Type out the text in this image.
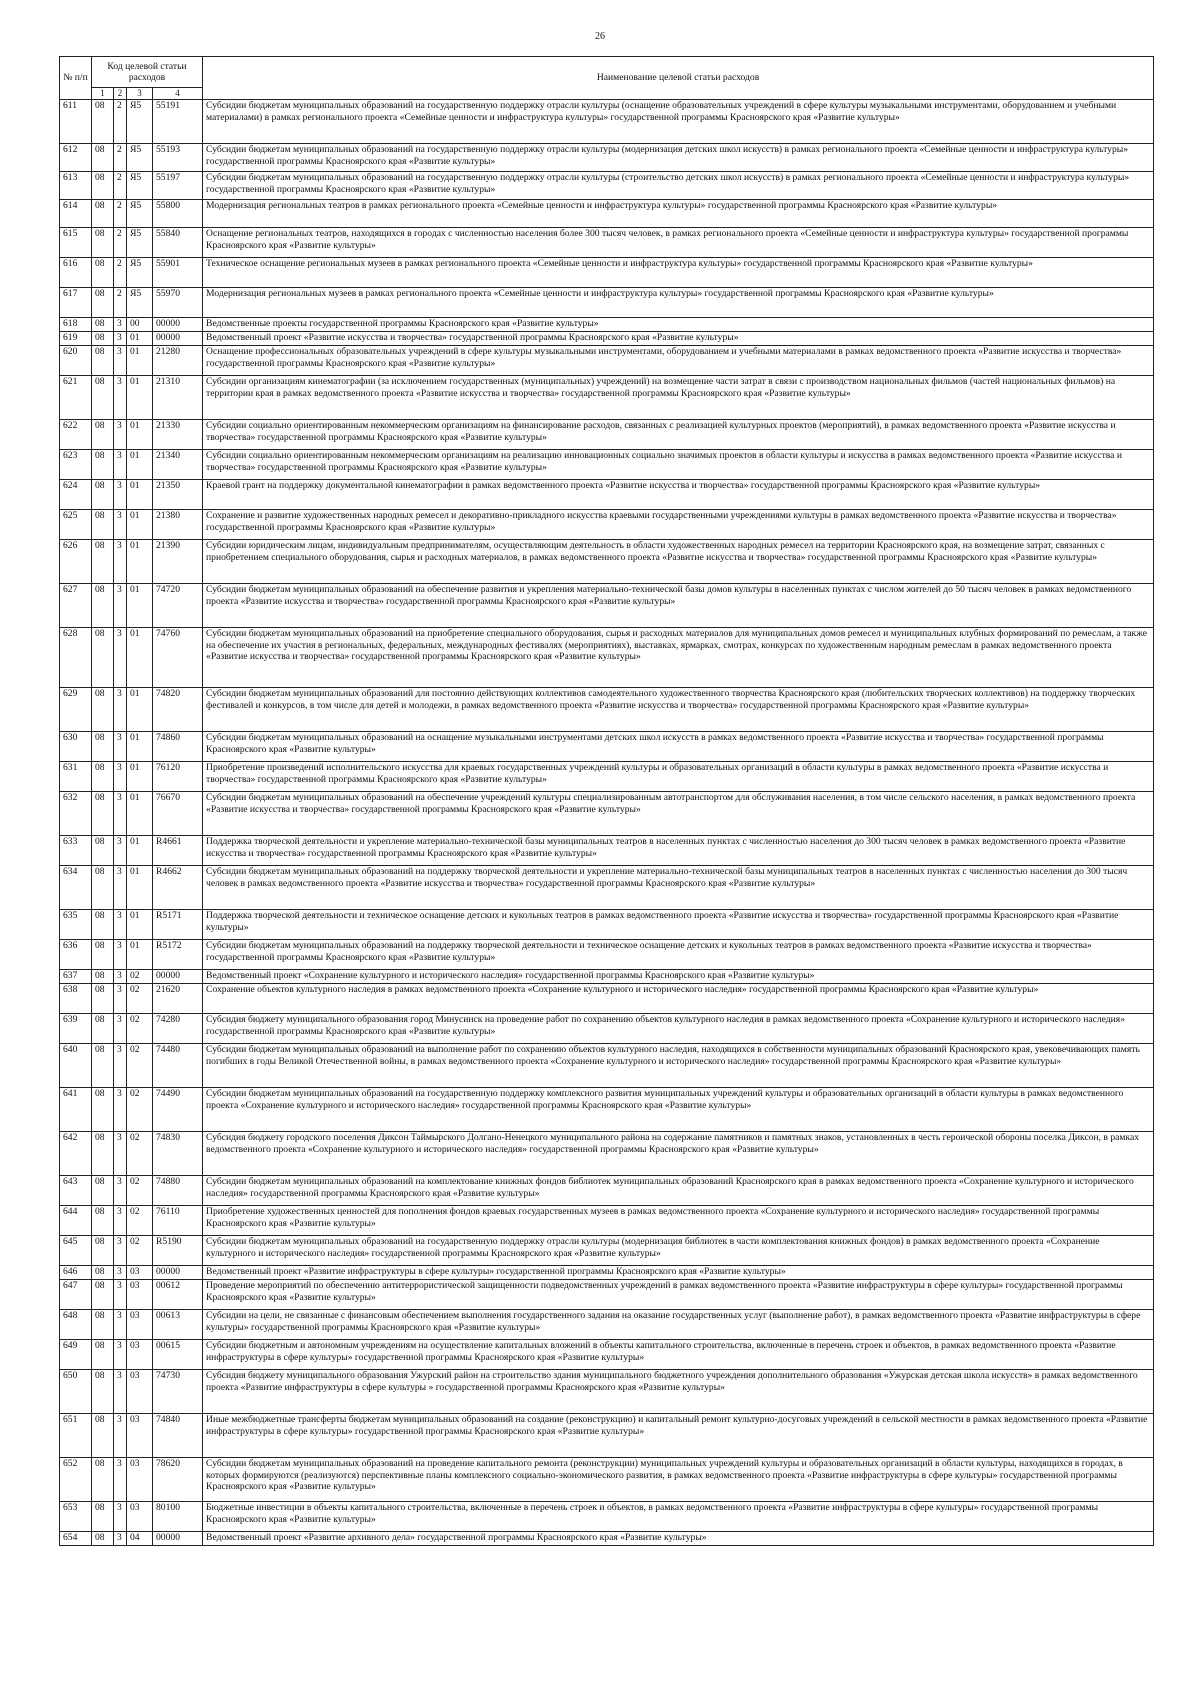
26
№ п/п	Код целевой статьи расходов				Наименование целевой статьи расходов
	1	2	3	4	
611	08	2	Я5	55191	Субсидии бюджетам муниципальных образований на государственную поддержку отрасли культуры (оснащение образовательных учреждений в сфере культуры музыкальными инструментами, оборудованием и учебными материалами) в рамках регионального проекта «Семейные ценности и инфраструктура культуры» государственной программы Красноярского края «Развитие культуры»
612	08	2	Я5	55193	Субсидии бюджетам муниципальных образований на государственную поддержку отрасли культуры (модернизация детских школ искусств) в рамках регионального проекта «Семейные ценности и инфраструктура культуры» государственной программы Красноярского края «Развитие культуры»
613	08	2	Я5	55197	Субсидии бюджетам муниципальных образований на государственную поддержку отрасли культуры (строительство детских школ искусств) в рамках регионального проекта «Семейные ценности и инфраструктура культуры» государственной программы Красноярского края «Развитие культуры»
614	08	2	Я5	55800	Модернизация региональных театров в рамках регионального проекта «Семейные ценности и инфраструктура культуры» государственной программы Красноярского края «Развитие культуры»
615	08	2	Я5	55840	Оснащение региональных театров, находящихся в городах с численностью населения более 300 тысяч человек, в рамках регионального проекта «Семейные ценности и инфраструктура культуры» государственной программы Красноярского края «Развитие культуры»
616	08	2	Я5	55901	Техническое оснащение региональных музеев в рамках регионального проекта «Семейные ценности и инфраструктура культуры» государственной программы Красноярского края «Развитие культуры»
617	08	2	Я5	55970	Модернизация региональных музеев в рамках регионального проекта «Семейные ценности и инфраструктура культуры» государственной программы Красноярского края «Развитие культуры»
618	08	3	00	00000	Ведомственные проекты государственной программы Красноярского края «Развитие культуры»
619	08	3	01	00000	Ведомственный проект «Развитие искусства и творчества» государственной программы Красноярского края «Развитие культуры»
620	08	3	01	21280	Оснащение профессиональных образовательных учреждений в сфере культуры музыкальными инструментами, оборудованием и учебными материалами в рамках ведомственного проекта «Развитие искусства и творчества» государственной программы Красноярского края «Развитие культуры»
621	08	3	01	21310	Субсидии организациям кинематографии (за исключением государственных (муниципальных) учреждений) на возмещение части затрат в связи с производством национальных фильмов (частей национальных фильмов) на территории края в рамках ведомственного проекта «Развитие искусства и творчества» государственной программы Красноярского края «Развитие культуры»
622	08	3	01	21330	Субсидии социально ориентированным некоммерческим организациям на финансирование расходов, связанных с реализацией культурных проектов (мероприятий), в рамках ведомственного проекта «Развитие искусства и творчества» государственной программы Красноярского края «Развитие культуры»
623	08	3	01	21340	Субсидии социально ориентированным некоммерческим организациям на реализацию инновационных социально значимых проектов в области культуры и искусства в рамках ведомственного проекта «Развитие искусства и творчества» государственной программы Красноярского края «Развитие культуры»
624	08	3	01	21350	Краевой грант на поддержку документальной кинематографии в рамках ведомственного проекта «Развитие искусства и творчества» государственной программы Красноярского края «Развитие культуры»
625	08	3	01	21380	Сохранение и развитие художественных народных ремесел и декоративно-прикладного искусства краевыми государственными учреждениями культуры в рамках ведомственного проекта «Развитие искусства и творчества» государственной программы Красноярского края «Развитие культуры»
626	08	3	01	21390	Субсидии юридическим лицам, индивидуальным предпринимателям, осуществляющим деятельность в области художественных народных ремесел на территории Красноярского края, на возмещение затрат, связанных с приобретением специального оборудования, сырья и расходных материалов, в рамках ведомственного проекта «Развитие искусства и творчества» государственной программы Красноярского края «Развитие культуры»
627	08	3	01	74720	Субсидии бюджетам муниципальных образований на обеспечение развития и укрепления материально-технической базы домов культуры в населенных пунктах с числом жителей до 50 тысяч человек в рамках ведомственного проекта «Развитие искусства и творчества» государственной программы Красноярского края «Развитие культуры»
628	08	3	01	74760	Субсидии бюджетам муниципальных образований на приобретение специального оборудования, сырья и расходных материалов для муниципальных домов ремесел и муниципальных клубных формирований по ремеслам, а также на обеспечение их участия в региональных, федеральных, международных фестивалях (мероприятиях), выставках, ярмарках, смотрах, конкурсах по художественным народным ремеслам в рамках ведомственного проекта «Развитие искусства и творчества» государственной программы Красноярского края «Развитие культуры»
629	08	3	01	74820	Субсидии бюджетам муниципальных образований для постоянно действующих коллективов самодеятельного художественного творчества Красноярского края (любительских творческих коллективов) на поддержку творческих фестивалей и конкурсов, в том числе для детей и молодежи, в рамках ведомственного проекта «Развитие искусства и творчества» государственной программы Красноярского края «Развитие культуры»
630	08	3	01	74860	Субсидии бюджетам муниципальных образований на оснащение музыкальными инструментами детских школ искусств в рамках ведомственного проекта «Развитие искусства и творчества» государственной программы Красноярского края «Развитие культуры»
631	08	3	01	76120	Приобретение произведений исполнительского искусства для краевых государственных учреждений культуры и образовательных организаций в области культуры в рамках ведомственного проекта «Развитие искусства и творчества» государственной программы Красноярского края «Развитие культуры»
632	08	3	01	76670	Субсидии бюджетам муниципальных образований на обеспечение учреждений культуры специализированным автотранспортом для обслуживания населения, в том числе сельского населения, в рамках ведомственного проекта «Развитие искусства и творчества» государственной программы Красноярского края «Развитие культуры»
633	08	3	01	R4661	Поддержка творческой деятельности и укрепление материально-технической базы муниципальных театров в населенных пунктах с численностью населения до 300 тысяч человек в рамках ведомственного проекта «Развитие искусства и творчества» государственной программы Красноярского края «Развитие культуры»
634	08	3	01	R4662	Субсидии бюджетам муниципальных образований на поддержку творческой деятельности и укрепление материально-технической базы муниципальных театров в населенных пунктах с численностью населения до 300 тысяч человек в рамках ведомственного проекта «Развитие искусства и творчества» государственной программы Красноярского края «Развитие культуры»
635	08	3	01	R5171	Поддержка творческой деятельности и техническое оснащение детских и кукольных театров в рамках ведомственного проекта «Развитие искусства и творчества» государственной программы Красноярского края «Развитие культуры»
636	08	3	01	R5172	Субсидии бюджетам муниципальных образований на поддержку творческой деятельности и техническое оснащение детских и кукольных театров в рамках ведомственного проекта «Развитие искусства и творчества» государственной программы Красноярского края «Развитие культуры»
637	08	3	02	00000	Ведомственный проект «Сохранение культурного и исторического наследия» государственной программы Красноярского края «Развитие культуры»
638	08	3	02	21620	Сохранение объектов культурного наследия в рамках ведомственного проекта «Сохранение культурного и исторического наследия» государственной программы Красноярского края «Развитие культуры»
639	08	3	02	74280	Субсидия бюджету муниципального образования город Минусинск на проведение работ по сохранению объектов культурного наследия в рамках ведомственного проекта «Сохранение культурного и исторического наследия» государственной программы Красноярского края «Развитие культуры»
640	08	3	02	74480	Субсидии бюджетам муниципальных образований на выполнение работ по сохранению объектов культурного наследия, находящихся в собственности муниципальных образований Красноярского края, увековечивающих память погибших в годы Великой Отечественной войны, в рамках ведомственного проекта «Сохранение культурного и исторического наследия» государственной программы Красноярского края «Развитие культуры»
641	08	3	02	74490	Субсидии бюджетам муниципальных образований на государственную поддержку комплексного развития муниципальных учреждений культуры и образовательных организаций в области культуры в рамках ведомственного проекта «Сохранение культурного и исторического наследия» государственной программы Красноярского края «Развитие культуры»
642	08	3	02	74830	Субсидия бюджету городского поселения Диксон Таймырского Долгано-Ненецкого муниципального района на содержание памятников и памятных знаков, установленных в честь героической обороны поселка Диксон, в рамках ведомственного проекта «Сохранение культурного и исторического наследия» государственной программы Красноярского края «Развитие культуры»
643	08	3	02	74880	Субсидии бюджетам муниципальных образований на комплектование книжных фондов библиотек муниципальных образований Красноярского края в рамках ведомственного проекта «Сохранение культурного и исторического наследия» государственной программы Красноярского края «Развитие культуры»
644	08	3	02	76110	Приобретение художественных ценностей для пополнения фондов краевых государственных музеев в рамках ведомственного проекта «Сохранение культурного и исторического наследия» государственной программы Красноярского края «Развитие культуры»
645	08	3	02	R5190	Субсидии бюджетам муниципальных образований на государственную поддержку отрасли культуры (модернизация библиотек в части комплектования книжных фондов) в рамках ведомственного проекта «Сохранение культурного и исторического наследия» государственной программы Красноярского края «Развитие культуры»
646	08	3	03	00000	Ведомственный проект «Развитие инфраструктуры в сфере культуры» государственной программы Красноярского края «Развитие культуры»
647	08	3	03	00612	Проведение мероприятий по обеспечению антитеррористической защищенности подведомственных учреждений в рамках ведомственного проекта «Развитие инфраструктуры в сфере культуры» государственной программы Красноярского края «Развитие культуры»
648	08	3	03	00613	Субсидии на цели, не связанные с финансовым обеспечением выполнения государственного задания на оказание государственных услуг (выполнение работ), в рамках ведомственного проекта «Развитие инфраструктуры в сфере культуры» государственной программы Красноярского края «Развитие культуры»
649	08	3	03	00615	Субсидии бюджетным и автономным учреждениям на осуществление капитальных вложений в объекты капитального строительства, включенные в перечень строек и объектов, в рамках ведомственного проекта «Развитие инфраструктуры в сфере культуры» государственной программы Красноярского края «Развитие культуры»
650	08	3	03	74730	Субсидия бюджету муниципального образования Ужурский район на строительство здания муниципального бюджетного учреждения дополнительного образования «Ужурская детская школа искусств» в рамках ведомственного проекта «Развитие инфраструктуры в сфере культуры » государственной программы Красноярского края «Развитие культуры»
651	08	3	03	74840	Иные межбюджетные трансферты бюджетам муниципальных образований на создание (реконструкцию) и капитальный ремонт культурно-досуговых учреждений в сельской местности в рамках ведомственного проекта «Развитие инфраструктуры в сфере культуры» государственной программы Красноярского края «Развитие культуры»
652	08	3	03	78620	Субсидии бюджетам муниципальных образований на проведение капитального ремонта (реконструкции) муниципальных учреждений культуры и образовательных организаций в области культуры, находящихся в городах, в которых формируются (реализуются) перспективные планы комплексного социально-экономического развития, в рамках ведомственного проекта «Развитие инфраструктуры в сфере культуры» государственной программы Красноярского края «Развитие культуры»
653	08	3	03	80100	Бюджетные инвестиции в объекты капитального строительства, включенные в перечень строек и объектов, в рамках ведомственного проекта «Развитие инфраструктуры в сфере культуры» государственной программы Красноярского края «Развитие культуры»
654	08	3	04	00000	Ведомственный проект «Развитие архивного дела» государственной программы Красноярского края «Развитие культуры»
